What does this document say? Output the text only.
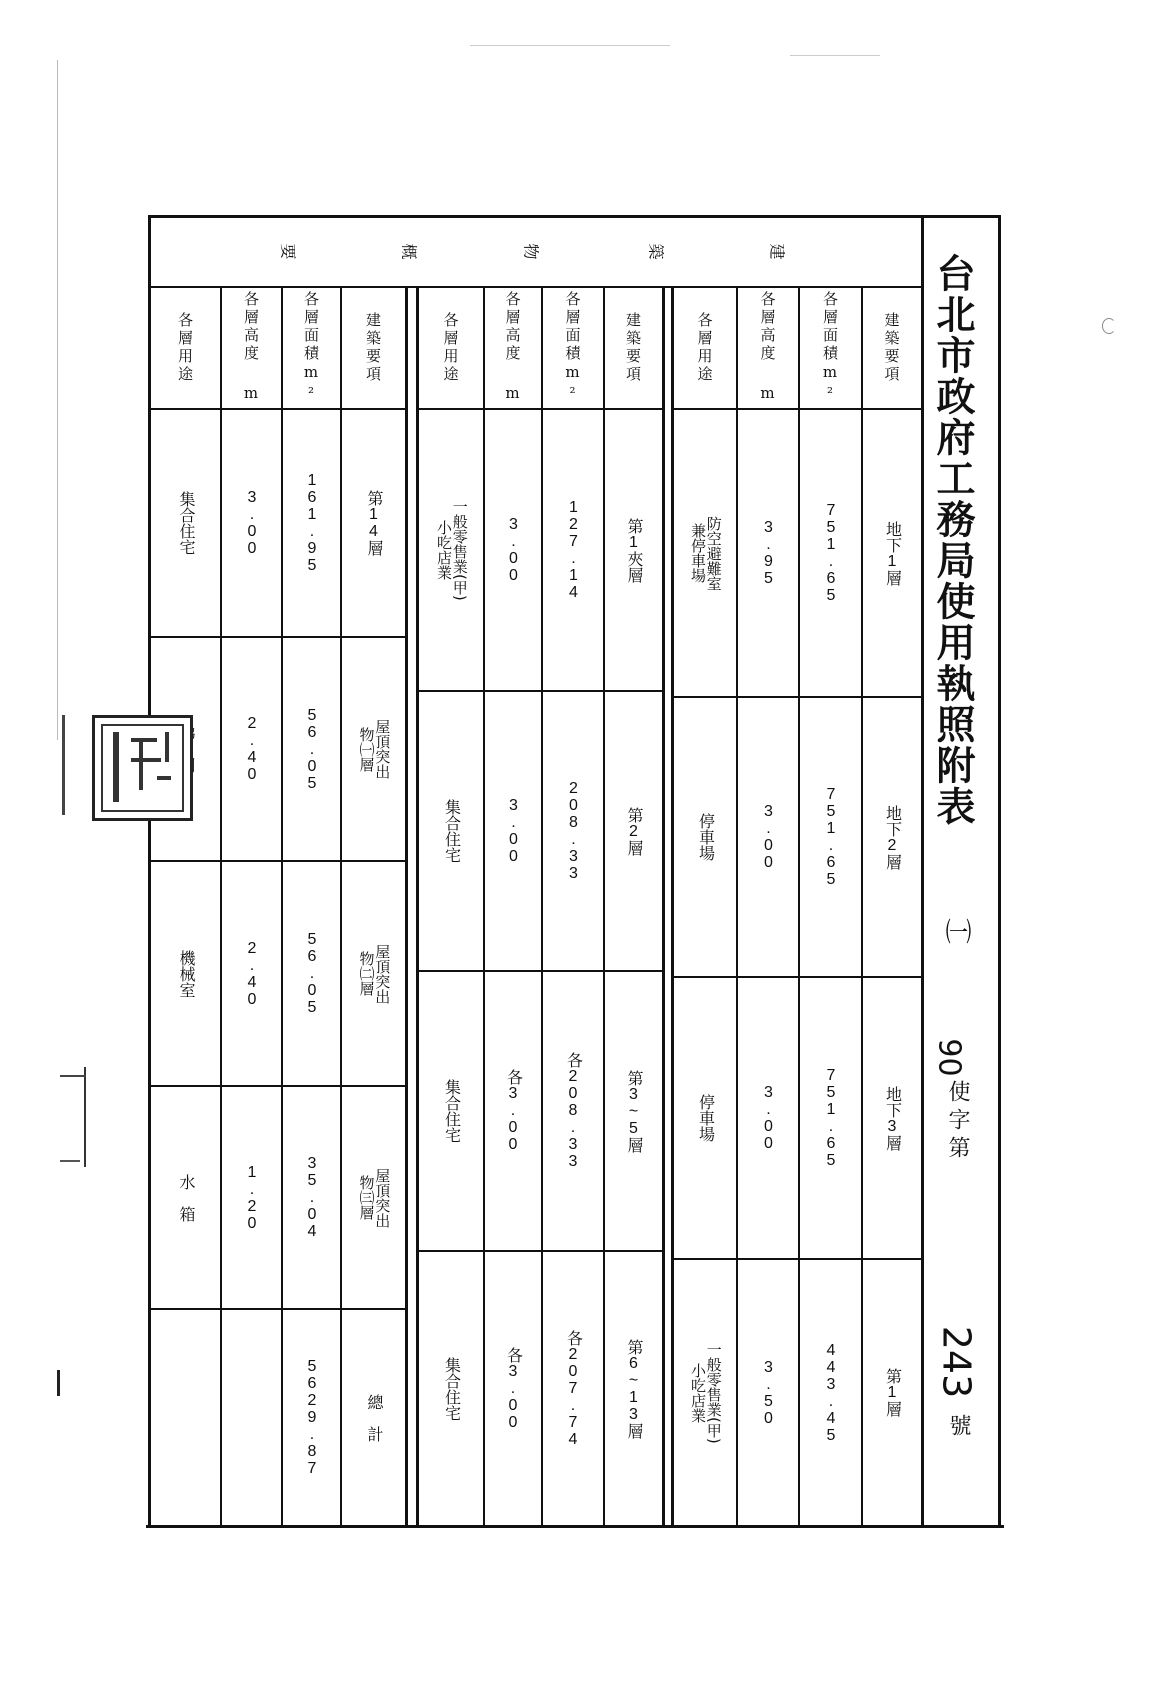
台北市政府工務局使用執照附表
㈠
90
使字第
243
號
建
築
物
概
要
建築要項
各層面積m²
各層高度 m
各層用途
地下1層
地下2層
地下3層
第1層
751.65
751.65
751.65
443.45
3.95
3.00
3.00
3.50
防空避難室
兼停車場
停車場
停車場
一般零售業(甲)
小吃店業
建築要項
各層面積m²
各層高度 m
各層用途
第1夾層
第2層
第3~5層
第6~13層
127.14
208.33
各208.33
各207.74
3.00
3.00
各3.00
各3.00
一般零售業(甲)
小吃店業
集合住宅
集合住宅
集合住宅
建築要項
各層面積m²
各層高度 m
各層用途
第14層
屋頂突出
物㈠層
屋頂突出
物㈡層
屋頂突出
物㈢層
總　計
161.95
56.05
56.05
35.04
5629.87
3.00
2.40
2.40
1.20
集合住宅
機械室
水　箱
